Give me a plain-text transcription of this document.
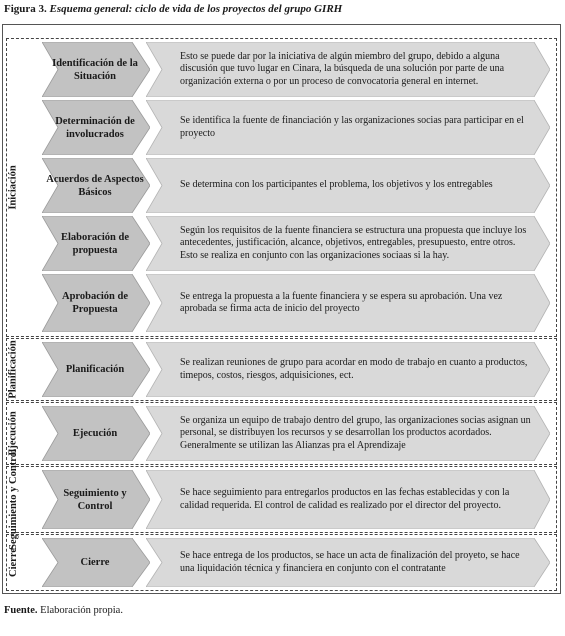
Figura 3. Esquema general: ciclo de vida de los proyectos del grupo GIRH
Iniciación
Identificación de la Situación
Esto se puede dar por la iniciativa de algún miembro del grupo, debido a alguna discusión que tuvo lugar en Cinara, la búsqueda de una solución por parte de una organización externa o por un proceso de convocatoria general en internet.
Determinación de involucrados
Se identifica la fuente de financiación y las organizaciones socias para participar en el proyecto
Acuerdos de Aspectos Básicos
Se determina con los participantes el problema, los objetivos y los entregables
Elaboración de propuesta
Según los requisitos de la fuente financiera se estructura una propuesta que incluye los antecedentes, justificación, alcance, objetivos, entregables, presupuesto, entre otros. Esto se realiza en conjunto con las organizaciones sociaas si la hay.
Aprobación de Propuesta
Se entrega la propuesta a la fuente financiera y se espera su aprobación. Una vez aprobada se firma acta de inicio del proyecto
Planificación	Planificación
Se realizan reuniones de grupo para acordar en modo de trabajo en cuanto a productos, timepos, costos, riesgos, adquisiciones, ect.
Ejecución	Ejecución
Se organiza un equipo de trabajo dentro del grupo, las organizaciones socias asignan un personal, se distribuyen los recursos y se desarrollan los productos acordados. Generalmente se utilizan las Alianzas pra el Aprendizaje
Seguimiento y Control	Seguimiento y Control
Se hace seguimiento para entregarlos productos en las fechas establecidas y con la calidad requerida. El control de calidad es realizado por el director del proyecto.
Cierre	Cierre
Se hace entrega de los productos, se hace un acta de finalización del proyeto, se hace una liquidación técnica y financiera en conjunto con el contratante
Fuente. Elaboración propia.
